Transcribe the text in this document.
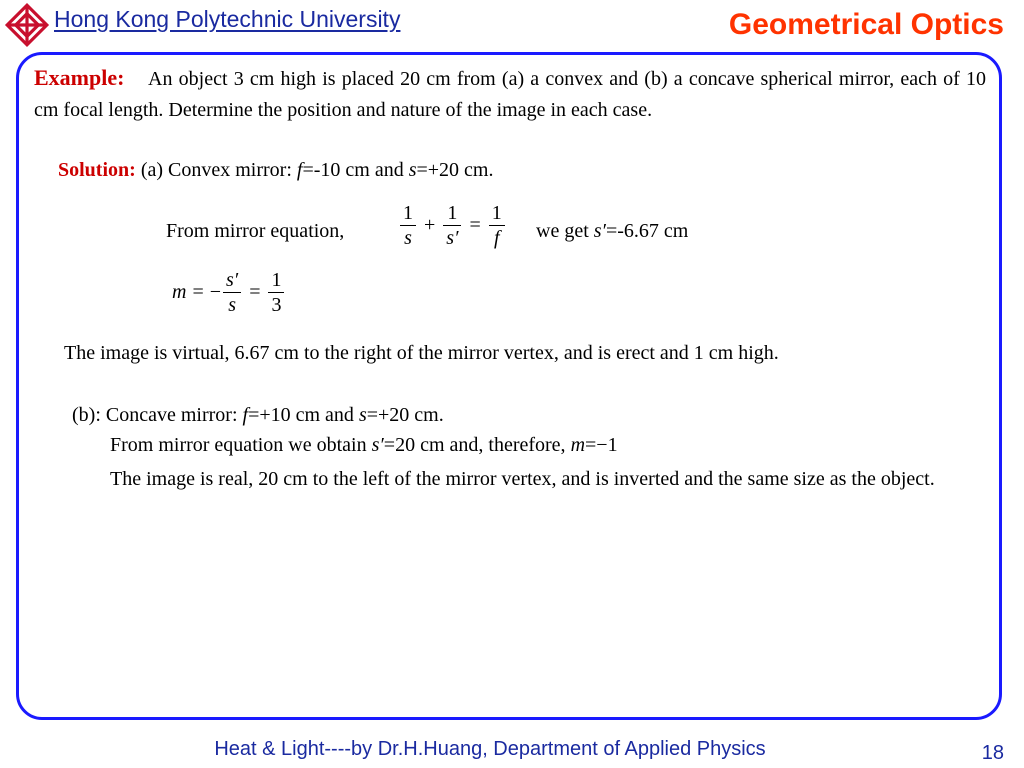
Hong Kong Polytechnic University	Geometrical Optics
Example: An object 3 cm high is placed 20 cm from (a) a convex and (b) a concave spherical mirror, each of 10 cm focal length. Determine the position and nature of the image in each case.
Solution: (a) Convex mirror: f=-10 cm and s=+20 cm.
From mirror equation,	$\frac{1}{s} + \frac{1}{s'} = \frac{1}{f}$ we get s′=-6.67 cm
m = − $\frac{s'}{s} = \frac{1}{3}$
The image is virtual, 6.67 cm to the right of the mirror vertex, and is erect and 1 cm high.
(b): Concave mirror: f=+10 cm and s=+20 cm.
From mirror equation we obtain s′=20 cm and, therefore, m=−1
The image is real, 20 cm to the left of the mirror vertex, and is inverted and the same size as the object.
Heat & Light----by Dr.H.Huang, Department of Applied Physics	18
